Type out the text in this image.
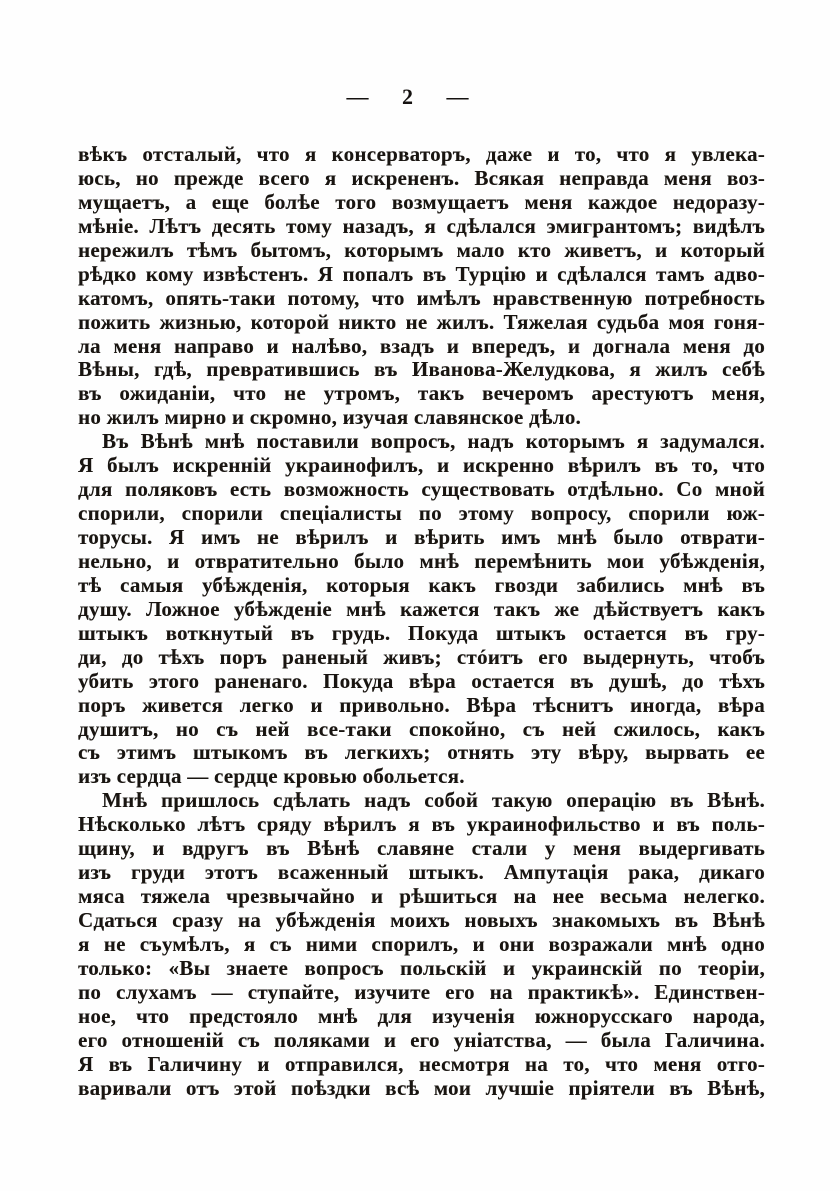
— 2 —
вѣкъ отсталый, что я консерваторъ, даже и то, что я увлека-
юсь, но прежде всего я искрененъ. Всякая неправда меня воз-
мущаетъ, а еще болѣе того возмущаетъ меня каждое недоразу-
мѣніе. Лѣтъ десять тому назадъ, я сдѣлался эмигрантомъ; видѣлъ
нережилъ тѣмъ бытомъ, которымъ мало кто живетъ, и который
рѣдко кому извѣстенъ. Я попалъ въ Турцію и сдѣлался тамъ адво-
катомъ, опять-таки потому, что имѣлъ нравственную потребность
пожить жизнью, которой никто не жилъ. Тяжелая судьба моя гоня-
ла меня направо и налѣво, взадъ и впередъ, и догнала меня до
Вѣны, гдѣ, превратившись въ Иванова-Желудкова, я жилъ себѣ
въ ожиданіи, что не утромъ, такъ вечеромъ арестуютъ меня,
но жилъ мирно и скромно, изучая славянское дѣло.
Въ Вѣнѣ мнѣ поставили вопросъ, надъ которымъ я задумался.
Я былъ искренній украинофилъ, и искренно вѣрилъ въ то, что
для поляковъ есть возможность существовать отдѣльно. Со мной
спорили, спорили спеціалисты по этому вопросу, спорили юж-
торусы. Я имъ не вѣрилъ и вѣрить имъ мнѣ было отврати-
нельно, и отвратительно было мнѣ перемѣнить мои убѣжденія,
тѣ самыя убѣжденія, которыя какъ гвозди забились мнѣ въ
душу. Ложное убѣжденіе мнѣ кажется такъ же дѣйствуетъ какъ
штыкъ воткнутый въ грудь. Покуда штыкъ остается въ гру-
ди, до тѣхъ поръ раненый живъ; стóитъ его выдернуть, чтобъ
убить этого раненаго. Покуда вѣра остается въ душѣ, до тѣхъ
поръ живется легко и привольно. Вѣра тѣснитъ иногда, вѣра
душитъ, но съ ней все-таки спокойно, съ ней сжилось, какъ
съ этимъ штыкомъ въ легкихъ; отнять эту вѣру, вырвать ее
изъ сердца — сердце кровью обольется.
Мнѣ пришлось сдѣлать надъ собой такую операцію въ Вѣнѣ.
Нѣсколько лѣтъ сряду вѣрилъ я въ украинофильство и въ поль-
щину, и вдругъ въ Вѣнѣ славяне стали у меня выдергивать
изъ груди этотъ всаженный штыкъ. Ампутація рака, дикаго
мяса тяжела чрезвычайно и рѣшиться на нее весьма нелегко.
Сдаться сразу на убѣжденія моихъ новыхъ знакомыхъ въ Вѣнѣ
я не съумѣлъ, я съ ними спорилъ, и они возражали мнѣ одно
только: «Вы знаете вопросъ польскій и украинскій по теоріи,
по слухамъ — ступайте, изучите его на практикѣ». Единствен-
ное, что предстояло мнѣ для изученія южнорусскаго народа,
его отношеній съ поляками и его уніатства, — была Галичина.
Я въ Галичину и отправился, несмотря на то, что меня отго-
варивали отъ этой поѣздки всѣ мои лучшіе пріятели въ Вѣнѣ,
